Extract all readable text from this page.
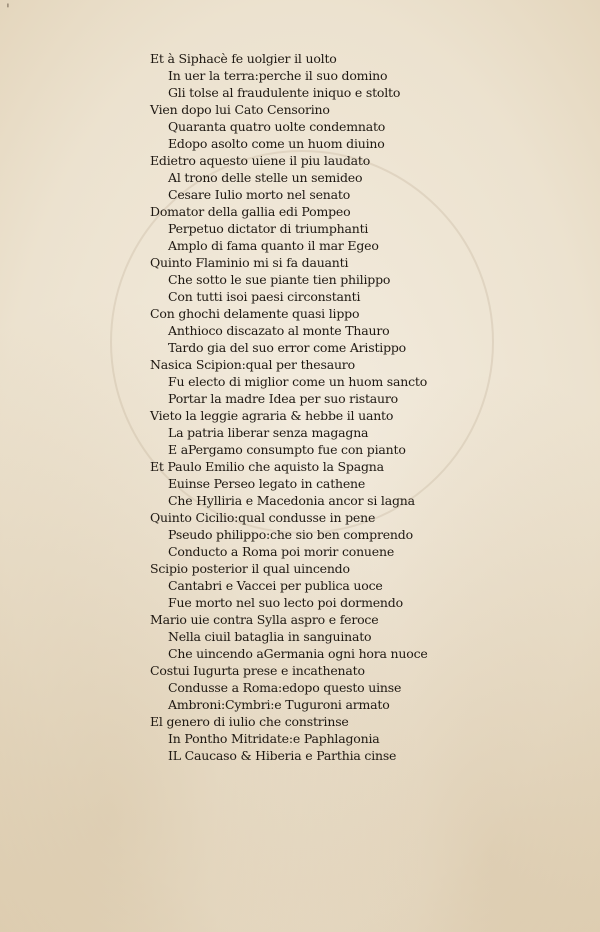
'
Et à Siphacè fe uolgier il uolto
In uer la terra:perche il suo domino
Gli tolse al fraudulente iniquo e stolto
Vien dopo lui Cato Censorino
Quaranta quatro uolte condemnato
Edopo asolto come un huom diuino
Edietro aquesto uiene il piu laudato
Al trono delle stelle un semideo
Cesare Iulio morto nel senato
Domator della gallia edi Pompeo
Perpetuo dictator di triumphanti
Amplo di fama quanto il mar Egeo
Quinto Flaminio mi si fa dauanti
Che sotto le sue piante tien philippo
Con tutti isoi paesi circonstanti
Con ghochi delamente quasi lippo
Anthioco discazato al monte Thauro
Tardo gia del suo error come Aristippo
Nasica Scipion:qual per thesauro
Fu electo di miglior come un huom sancto
Portar la madre Idea per suo ristauro
Vieto la leggie agraria & hebbe il uanto
La patria liberar senza magagna
E aPergamo consumpto fue con pianto
Et Paulo Emilio che aquisto la Spagna
Euinse Perseo legato in cathene
Che Hylliria e Macedonia ancor si lagna
Quinto Cicilio:qual condusse in pene
Pseudo philippo:che sio ben comprendo
Conducto a Roma poi morir conuene
Scipio posterior il qual uincendo
Cantabri e Vaccei per publica uoce
Fue morto nel suo lecto poi dormendo
Mario uie contra Sylla aspro e feroce
Nella ciuil bataglia in sanguinato
Che uincendo aGermania ogni hora nuoce
Costui Iugurta prese e incathenato
Condusse a Roma:edopo questo uinse
Ambroni:Cymbri:e Tuguroni armato
El genero di iulio che constrinse
In Pontho Mitridate:e Paphlagonia
IL Caucaso & Hiberia e Parthia cinse
